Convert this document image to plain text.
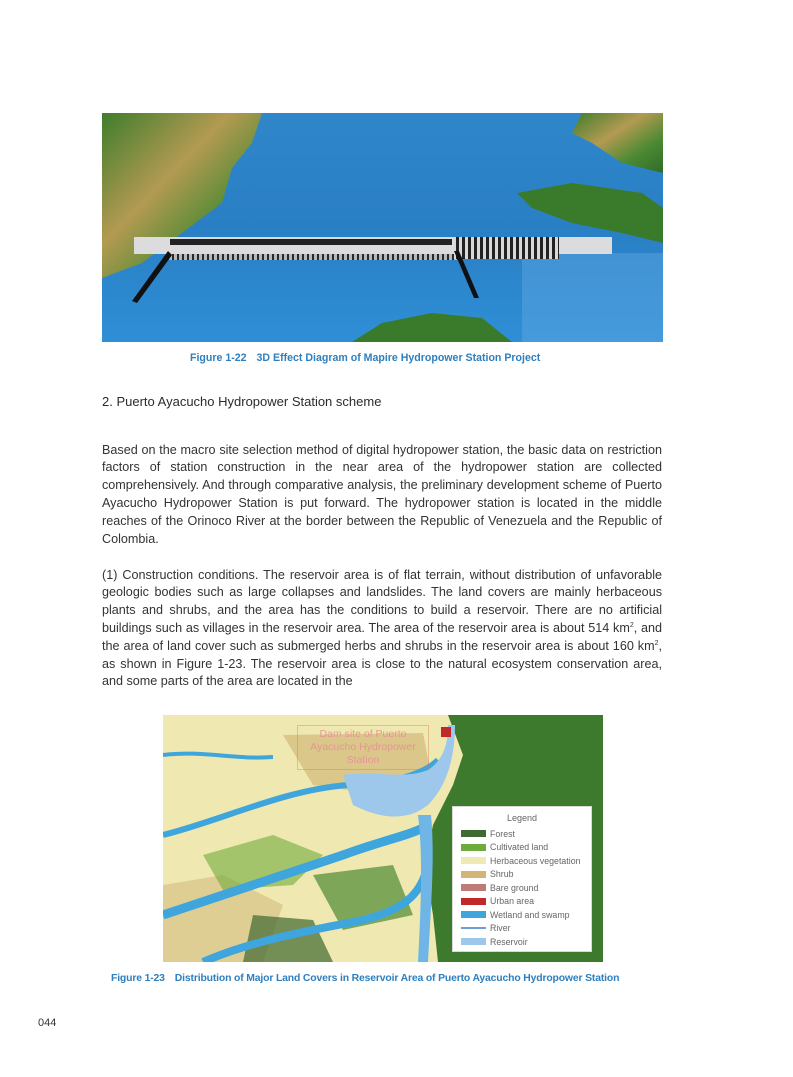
Figure 1-22 3D Effect Diagram of Mapire Hydropower Station Project
2. Puerto Ayacucho Hydropower Station scheme

Based on the macro site selection method of digital hydropower station, the basic data on restriction factors of station construction in the near area of the hydropower station are collected comprehensively. And through comparative analysis, the preliminary development scheme of Puerto Ayacucho Hydropower Station is put forward. The hydropower station is located in the middle reaches of the Orinoco River at the border between the Republic of Venezuela and the Republic of Colombia.

(1) Construction conditions. The reservoir area is of flat terrain, without distribution of unfavorable geologic bodies such as large collapses and landslides. The land covers are mainly herbaceous plants and shrubs, and the area has the conditions to build a reservoir. There are no artificial buildings such as villages in the reservoir area. The area of the reservoir area is about 514 $km^2$, and the area of land cover such as submerged herbs and shrubs in the reservoir area is about 160 $km^2$, as shown in Figure 1-23. The reservoir area is close to the natural ecosystem conservation area, and some parts of the area are located in the

Dam site of Puerto Ayacucho Hydropower Station
Legend
Forest
Cultivated land
Herbaceous vegetation
Shrub
Bare ground
Urban area
Wetland and swamp
River
Reservoir
Figure 1-23 Distribution of Major Land Covers in Reservoir Area of Puerto Ayacucho Hydropower Station
044
